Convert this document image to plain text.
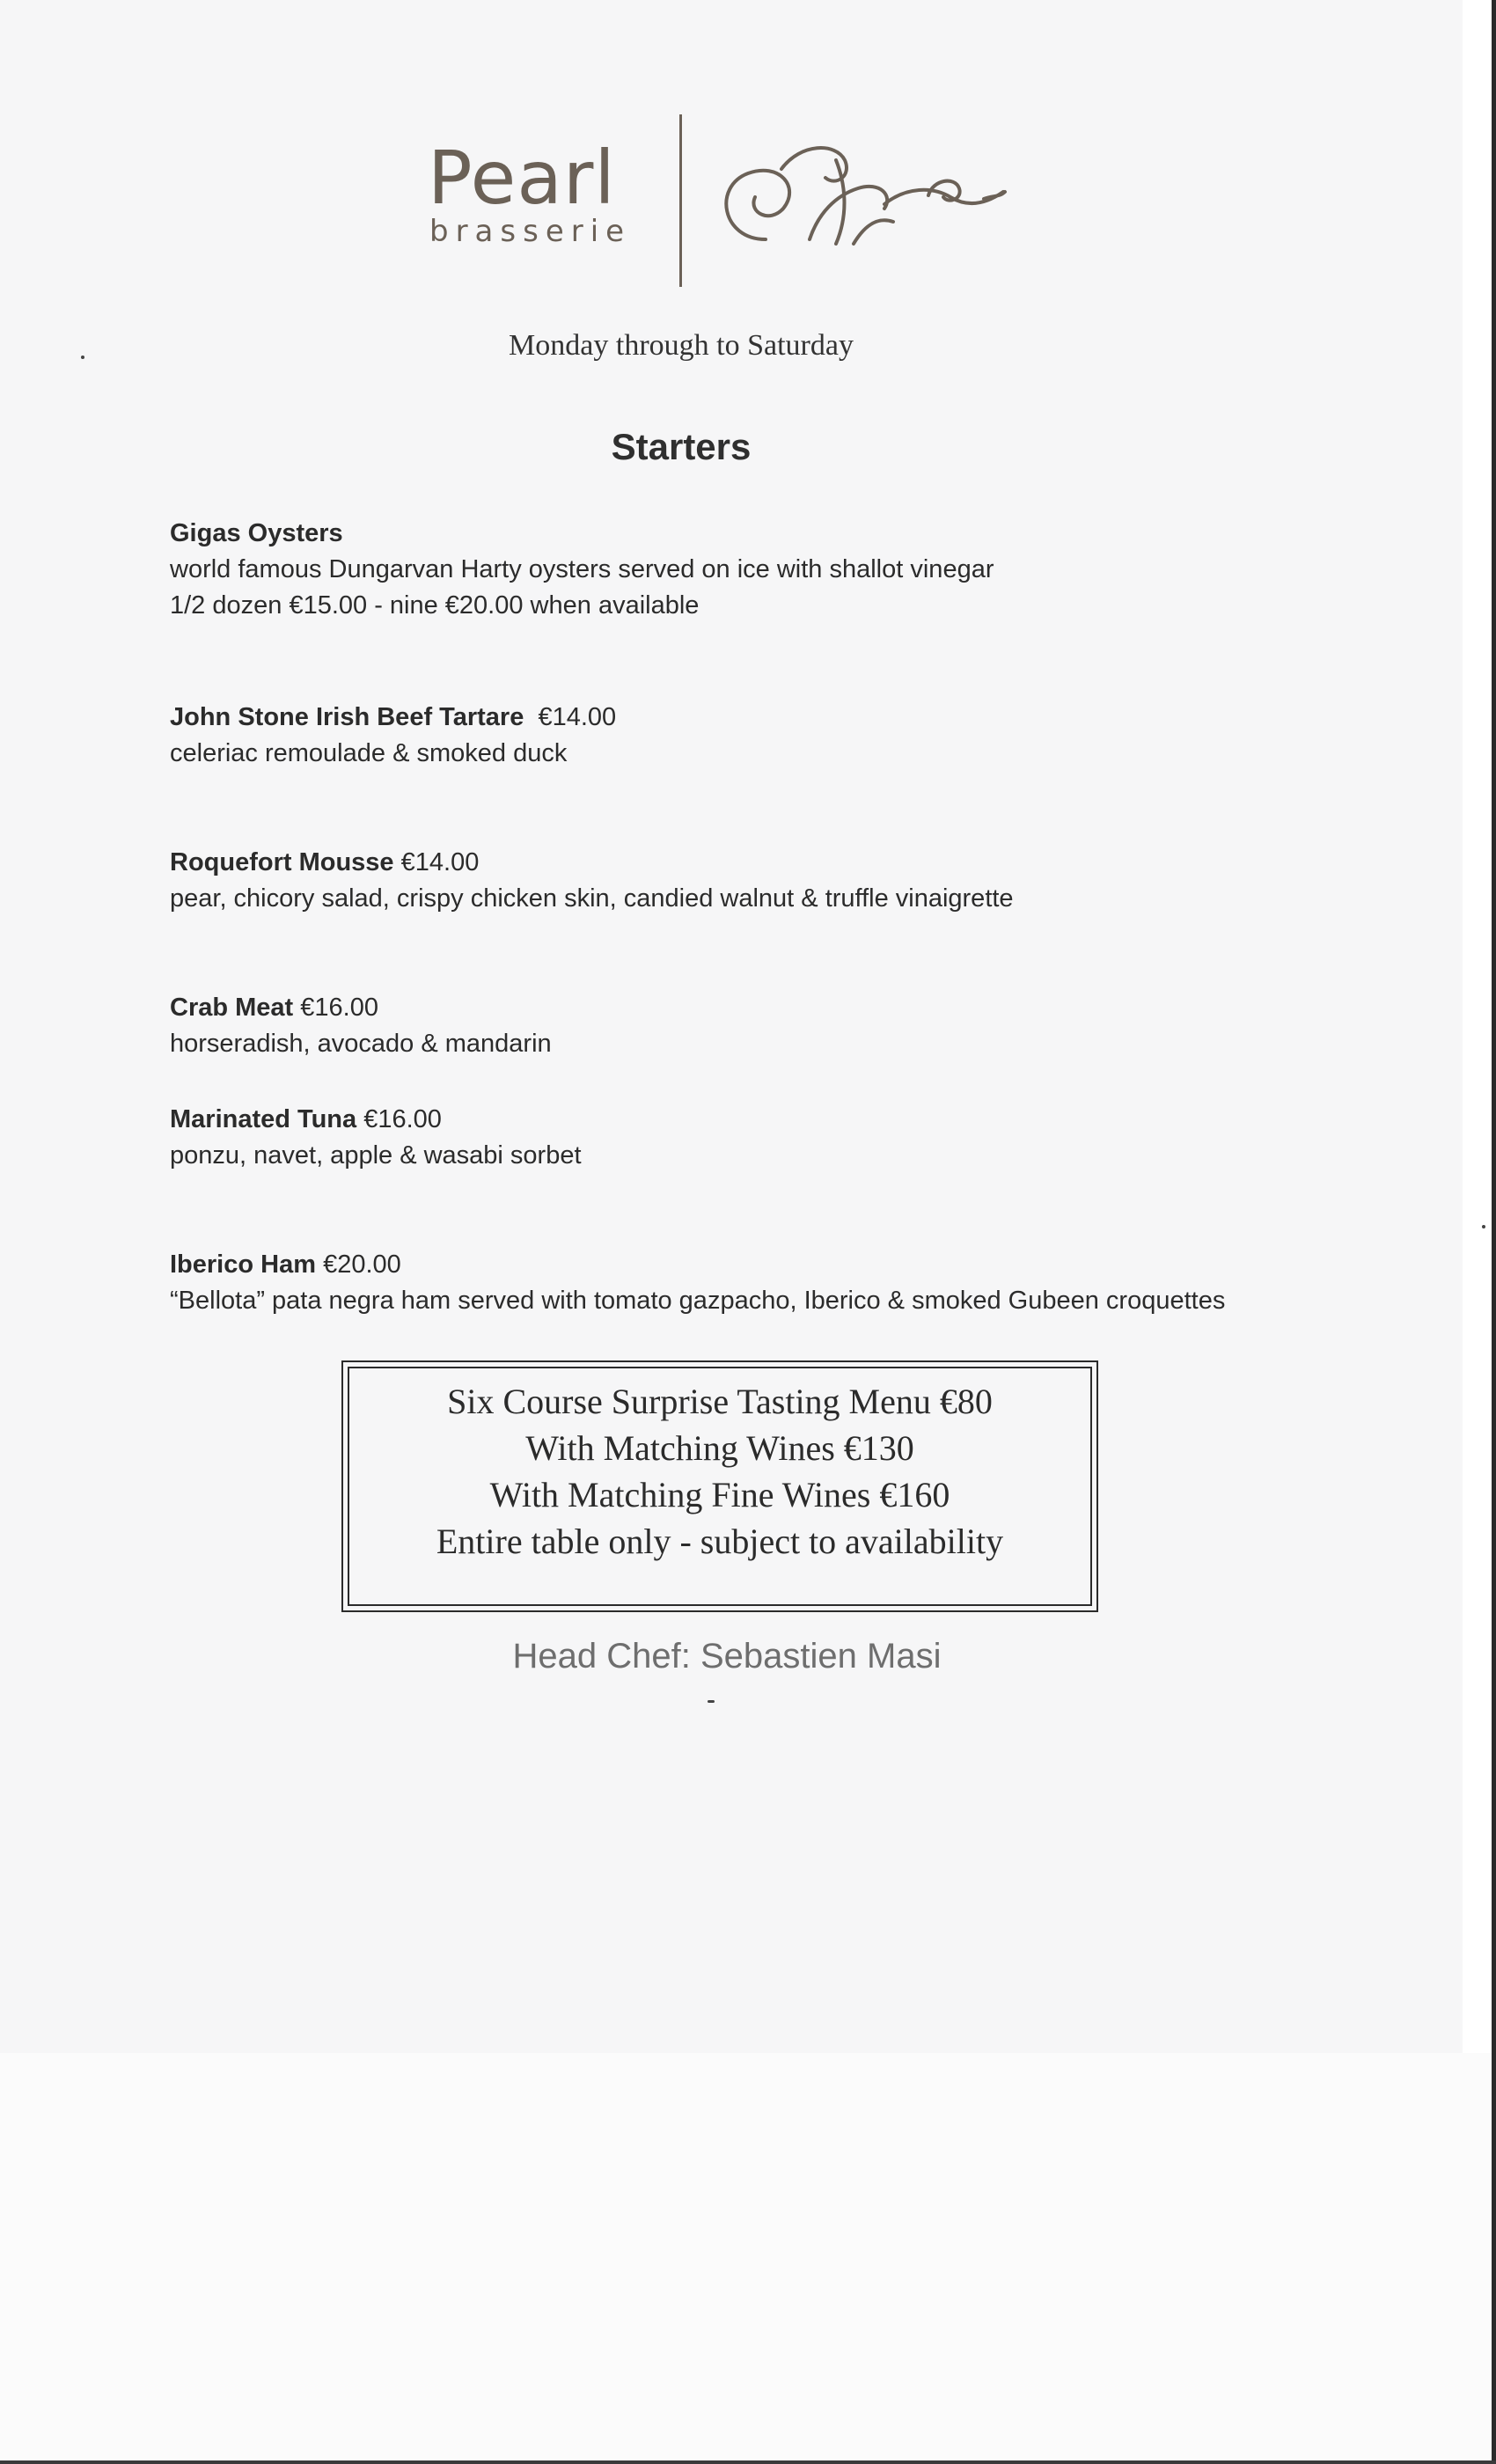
Pearl
brasserie
Monday through to Saturday
Starters
Gigas Oysters
world famous Dungarvan Harty oysters served on ice with shallot vinegar
1/2 dozen €15.00 - nine €20.00 when available
John Stone Irish Beef Tartare €14.00
celeriac remoulade & smoked duck
Roquefort Mousse €14.00
pear, chicory salad, crispy chicken skin, candied walnut & truffle vinaigrette
Crab Meat €16.00
horseradish, avocado & mandarin
Marinated Tuna €16.00
ponzu, navet, apple & wasabi sorbet
Iberico Ham €20.00
“Bellota” pata negra ham served with tomato gazpacho, Iberico & smoked Gubeen croquettes
Six Course Surprise Tasting Menu €80
With Matching Wines €130
With Matching Fine Wines €160
Entire table only - subject to availability
Head Chef: Sebastien Masi
